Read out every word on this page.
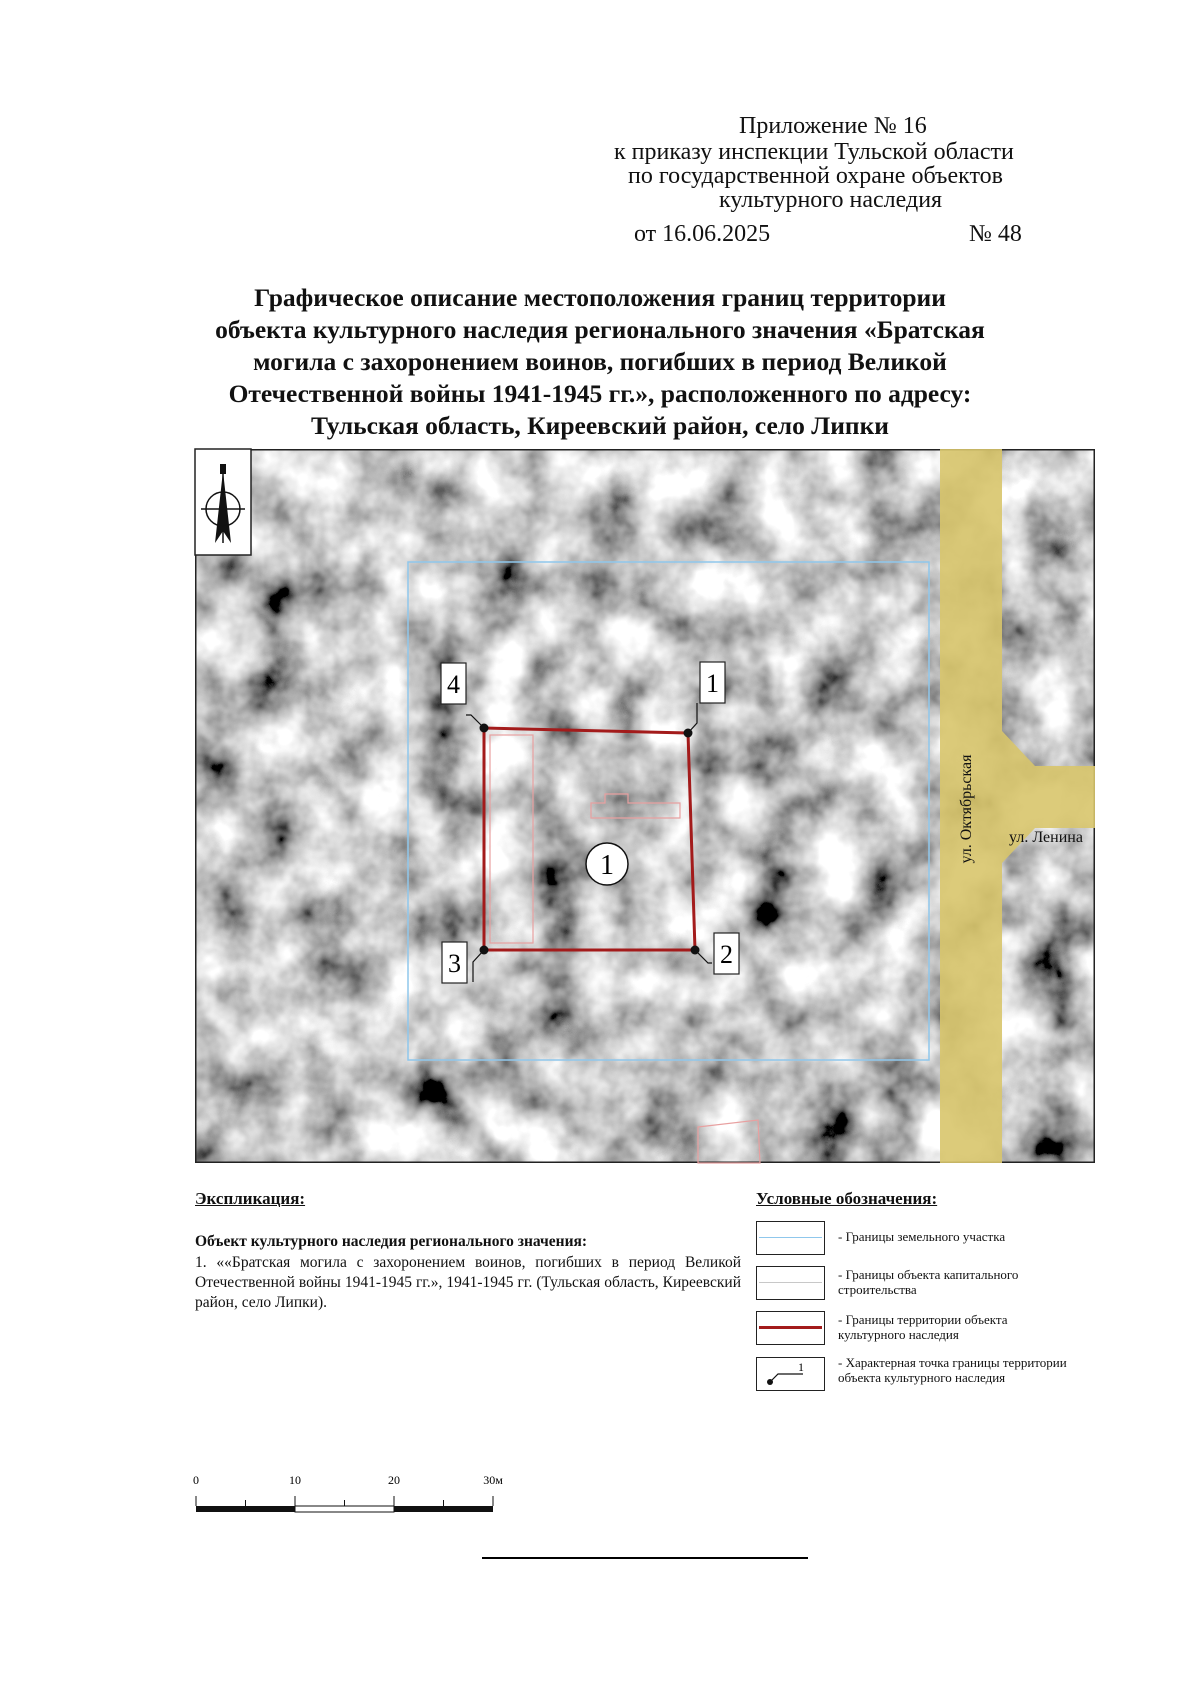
Приложение № 16
к приказу инспекции Тульской области
по государственной охране объектов
культурного наследия
от 16.06.2025	№ 48
Графическое описание местоположения границ территории
объекта культурного наследия регионального значения «Братская
могила с захоронением воинов, погибших в период Великой
Отечественной войны 1941-1945 гг.», расположенного по адресу:
Тульская область, Киреевский район, село Липки
ул. Октябрьская ул. Ленина
1
2
3
4
1
Экспликация:
Объект культурного наследия регионального значения:
1. ««Братская могила с захоронением воинов, погибших в период Великой Отечественной войны 1941-1945 гг.», 1941-1945 гг. (Тульская область, Киреевский район, село Липки).
Условные обозначения:
- Границы земельного участка
- Границы объекта капитального строительства
- Границы территории объекта культурного наследия
1	- Характерная точка границы территории объекта культурного наследия
0	10	20	30м
